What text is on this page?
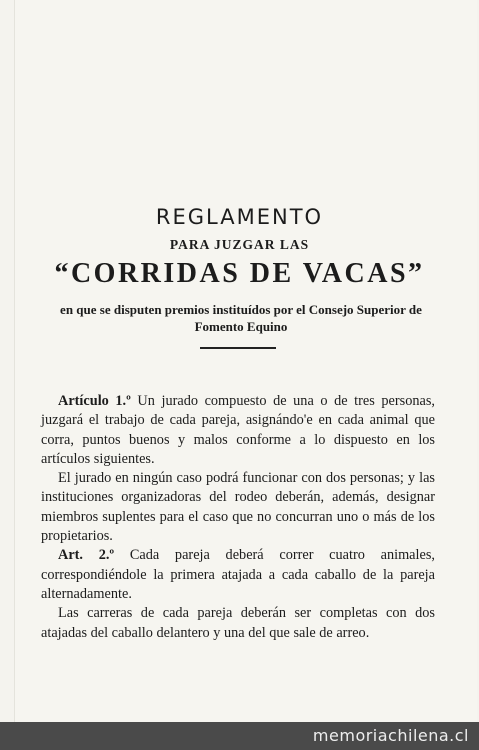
REGLAMENTO
PARA JUZGAR LAS
“CORRIDAS DE VACAS”
en que se disputen premios instituídos por el Consejo Superior de Fomento Equino

Artículo 1.º Un jurado compuesto de una o de tres personas, juzgará el trabajo de cada pareja, asignándo'e en cada animal que corra, puntos buenos y malos conforme a lo dispuesto en los artículos siguientes.

El jurado en ningún caso podrá funcionar con dos personas; y las instituciones organizadoras del rodeo deberán, además, designar miembros suplentes para el caso que no concurran uno o más de los propietarios.

Art. 2.º Cada pareja deberá correr cuatro animales, correspondiéndole la primera atajada a cada caballo de la pareja alternadamente.

Las carreras de cada pareja deberán ser completas con dos atajadas del caballo delantero y una del que sale de arreo.

memoriachilena.cl
